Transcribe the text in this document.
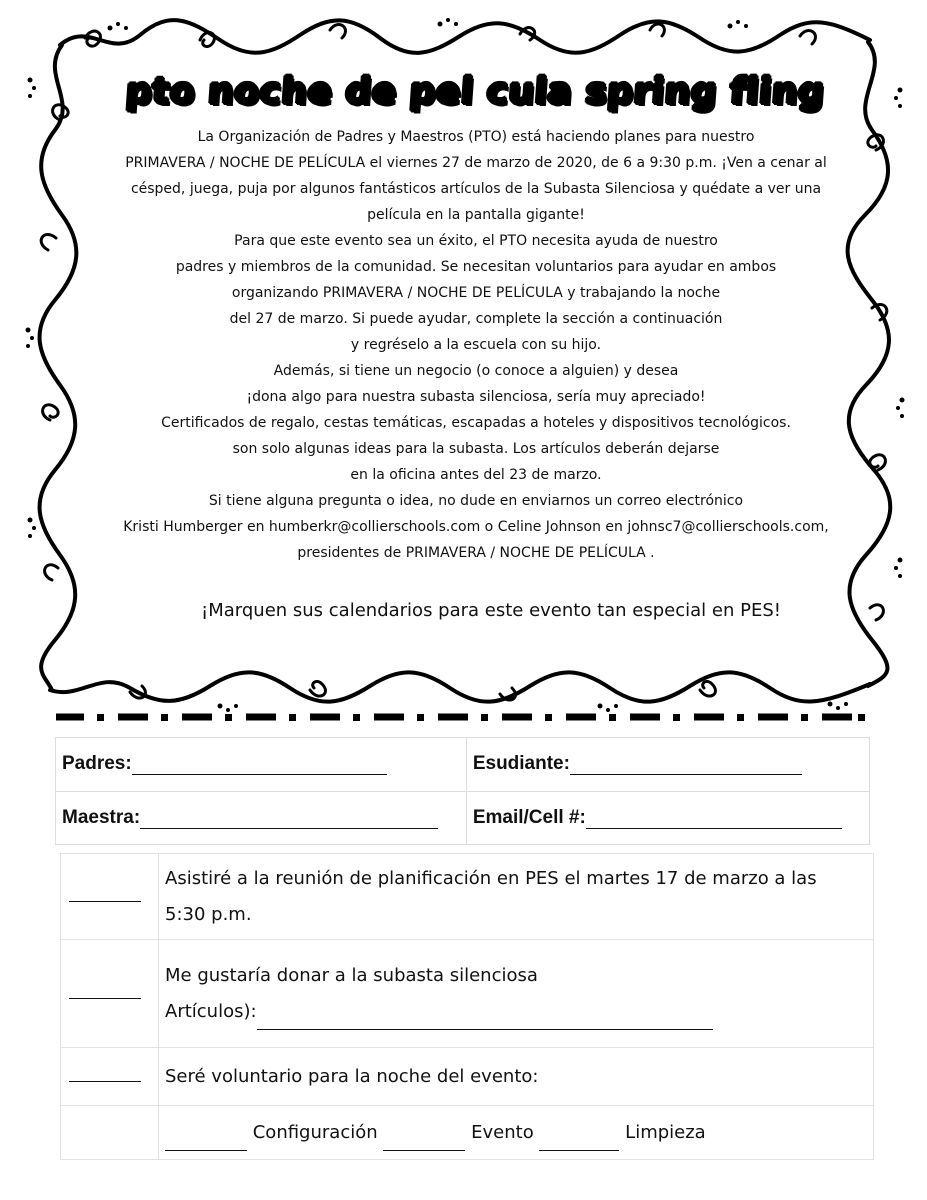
pto noche de pel cula spring fling
La Organización de Padres y Maestros (PTO) está haciendo planes para nuestro
PRIMAVERA / NOCHE DE PELÍCULA el viernes 27 de marzo de 2020, de 6 a 9:30 p.m. ¡Ven a cenar al
césped, juega, puja por algunos fantásticos artículos de la Subasta Silenciosa y quédate a ver una
película en la pantalla gigante!
Para que este evento sea un éxito, el PTO necesita ayuda de nuestro
padres y miembros de la comunidad. Se necesitan voluntarios para ayudar en ambos
organizando PRIMAVERA / NOCHE DE PELÍCULA y trabajando la noche
del 27 de marzo. Si puede ayudar, complete la sección a continuación
y regréselo a la escuela con su hijo.
Además, si tiene un negocio (o conoce a alguien) y desea
¡dona algo para nuestra subasta silenciosa, sería muy apreciado!
Certificados de regalo, cestas temáticas, escapadas a hoteles y dispositivos tecnológicos.
son solo algunas ideas para la subasta. Los artículos deberán dejarse
en la oficina antes del 23 de marzo.
Si tiene alguna pregunta o idea, no dude en enviarnos un correo electrónico
Kristi Humberger en humberkr@collierschools.com o Celine Johnson en johnsc7@collierschools.com,
presidentes de PRIMAVERA / NOCHE DE PELÍCULA .
¡Marquen sus calendarios para este evento tan especial en PES!
Padres:	Esudiante:
Maestra:	Email/Cell #:

	Asistiré a la reunión de planificación en PES el martes 17 de marzo a las
5:30 p.m.

	Me gustaría donar a la subasta silenciosa
Artículos):

	Seré voluntario para la noche del evento:
	Configuración Evento Limpieza
